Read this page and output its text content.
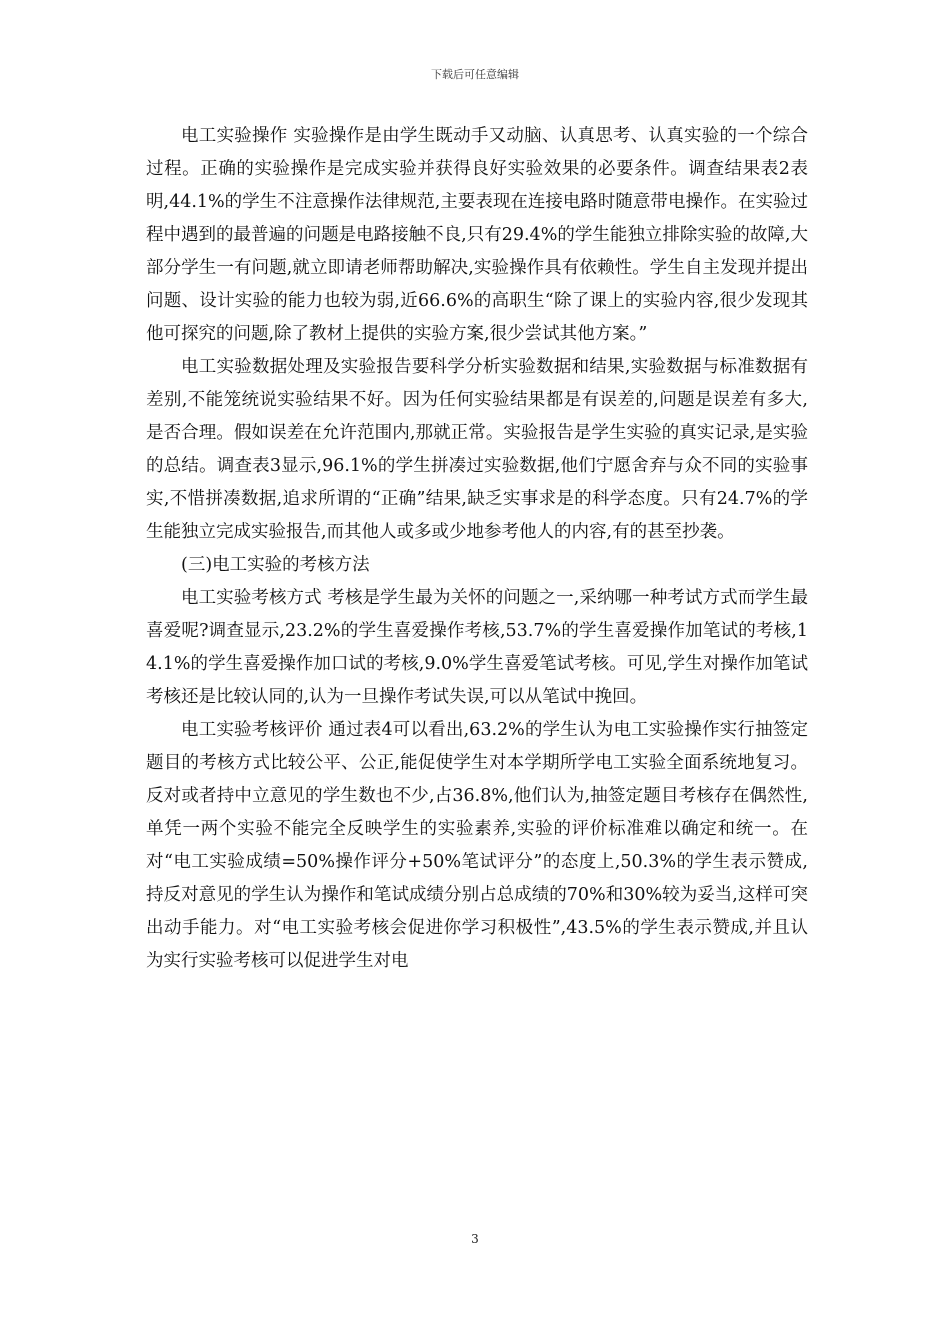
下载后可任意编辑

电工实验操作 实验操作是由学生既动手又动脑、认真思考、认真实验的一个综合过程。正确的实验操作是完成实验并获得良好实验效果的必要条件。调查结果表2表明,44.1%的学生不注意操作法律规范,主要表现在连接电路时随意带电操作。在实验过程中遇到的最普遍的问题是电路接触不良,只有29.4%的学生能独立排除实验的故障,大部分学生一有问题,就立即请老师帮助解决,实验操作具有依赖性。学生自主发现并提出问题、设计实验的能力也较为弱,近66.6%的高职生“除了课上的实验内容,很少发现其他可探究的问题,除了教材上提供的实验方案,很少尝试其他方案。”

电工实验数据处理及实验报告要科学分析实验数据和结果,实验数据与标准数据有差别,不能笼统说实验结果不好。因为任何实验结果都是有误差的,问题是误差有多大,是否合理。假如误差在允许范围内,那就正常。实验报告是学生实验的真实记录,是实验的总结。调查表3显示,96.1%的学生拼凑过实验数据,他们宁愿舍弃与众不同的实验事实,不惜拼凑数据,追求所谓的“正确”结果,缺乏实事求是的科学态度。只有24.7%的学生能独立完成实验报告,而其他人或多或少地参考他人的内容,有的甚至抄袭。

(三)电工实验的考核方法

电工实验考核方式 考核是学生最为关怀的问题之一,采纳哪一种考试方式而学生最喜爱呢?调查显示,23.2%的学生喜爱操作考核,53.7%的学生喜爱操作加笔试的考核,14.1%的学生喜爱操作加口试的考核,9.0%学生喜爱笔试考核。可见,学生对操作加笔试考核还是比较认同的,认为一旦操作考试失误,可以从笔试中挽回。

电工实验考核评价 通过表4可以看出,63.2%的学生认为电工实验操作实行抽签定题目的考核方式比较公平、公正,能促使学生对本学期所学电工实验全面系统地复习。反对或者持中立意见的学生数也不少,占36.8%,他们认为,抽签定题目考核存在偶然性,单凭一两个实验不能完全反映学生的实验素养,实验的评价标准难以确定和统一。在对“电工实验成绩=50%操作评分+50%笔试评分”的态度上,50.3%的学生表示赞成,持反对意见的学生认为操作和笔试成绩分别占总成绩的70%和30%较为妥当,这样可突出动手能力。对“电工实验考核会促进你学习积极性”,43.5%的学生表示赞成,并且认为实行实验考核可以促进学生对电

3
